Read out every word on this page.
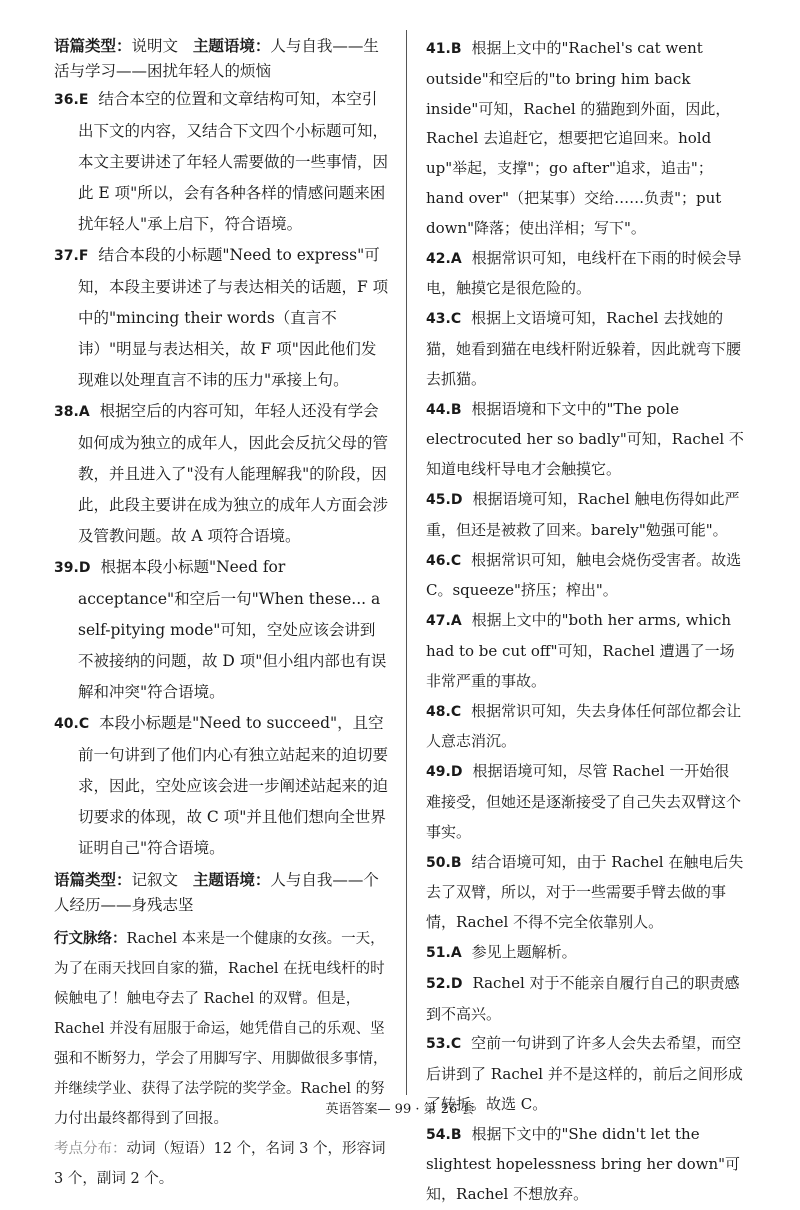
语篇类型：说明文 主题语境：人与自我——生活与学习——困扰年轻人的烦恼

36.E 结合本空的位置和文章结构可知，本空引出下文的内容，又结合下文四个小标题可知，本文主要讲述了年轻人需要做的一些事情，因此 E 项"所以，会有各种各样的情感问题来困扰年轻人"承上启下，符合语境。

37.F 结合本段的小标题"Need to express"可知，本段主要讲述了与表达相关的话题，F 项中的"mincing their words（直言不讳）"明显与表达相关，故 F 项"因此他们发现难以处理直言不讳的压力"承接上句。

38.A 根据空后的内容可知，年轻人还没有学会如何成为独立的成年人，因此会反抗父母的管教，并且进入了"没有人能理解我"的阶段，因此，此段主要讲在成为独立的成年人方面会涉及管教问题。故 A 项符合语境。

39.D 根据本段小标题"Need for acceptance"和空后一句"When these... a self-pitying mode"可知，空处应该会讲到不被接纳的问题，故 D 项"但小组内部也有误解和冲突"符合语境。

40.C 本段小标题是"Need to succeed"，且空前一句讲到了他们内心有独立站起来的迫切要求，因此，空处应该会进一步阐述站起来的迫切要求的体现，故 C 项"并且他们想向全世界证明自己"符合语境。

语篇类型：记叙文 主题语境：人与自我——个人经历——身残志坚

行文脉络：Rachel 本来是一个健康的女孩。一天，为了在雨天找回自家的猫，Rachel 在抚电线杆的时候触电了！触电夺去了 Rachel 的双臂。但是，Rachel 并没有屈服于命运，她凭借自己的乐观、坚强和不断努力，学会了用脚写字、用脚做很多事情，并继续学业、获得了法学院的奖学金。Rachel 的努力付出最终都得到了回报。

考点分布：动词（短语）12 个，名词 3 个，形容词 3 个，副词 2 个。

41.B 根据上文中的"Rachel's cat went outside"和空后的"to bring him back inside"可知，Rachel 的猫跑到外面，因此，Rachel 去追赶它，想要把它追回来。hold up"举起，支撑"；go after"追求，追击"；hand over"（把某事）交给……负责"；put down"降落；使出洋相；写下"。

42.A 根据常识可知，电线杆在下雨的时候会导电，触摸它是很危险的。

43.C 根据上文语境可知，Rachel 去找她的猫，她看到猫在电线杆附近躲着，因此就弯下腰去抓猫。

44.B 根据语境和下文中的"The pole electrocuted her so badly"可知，Rachel 不知道电线杆导电才会触摸它。

45.D 根据语境可知，Rachel 触电伤得如此严重，但还是被救了回来。barely"勉强可能"。

46.C 根据常识可知，触电会烧伤受害者。故选 C。squeeze"挤压；榨出"。

47.A 根据上文中的"both her arms, which had to be cut off"可知，Rachel 遭遇了一场非常严重的事故。

48.C 根据常识可知，失去身体任何部位都会让人意志消沉。

49.D 根据语境可知，尽管 Rachel 一开始很难接受，但她还是逐渐接受了自己失去双臂这个事实。

50.B 结合语境可知，由于 Rachel 在触电后失去了双臂，所以，对于一些需要手臂去做的事情，Rachel 不得不完全依靠别人。

51.A 参见上题解析。

52.D Rachel 对于不能亲自履行自己的职责感到不高兴。

53.C 空前一句讲到了许多人会失去希望，而空后讲到了 Rachel 并不是这样的，前后之间形成了转折。故选 C。

54.B 根据下文中的"She didn't let the slightest hopelessness bring her down"可知，Rachel 不想放弃。

英语答案— 99 · 第 26 套
